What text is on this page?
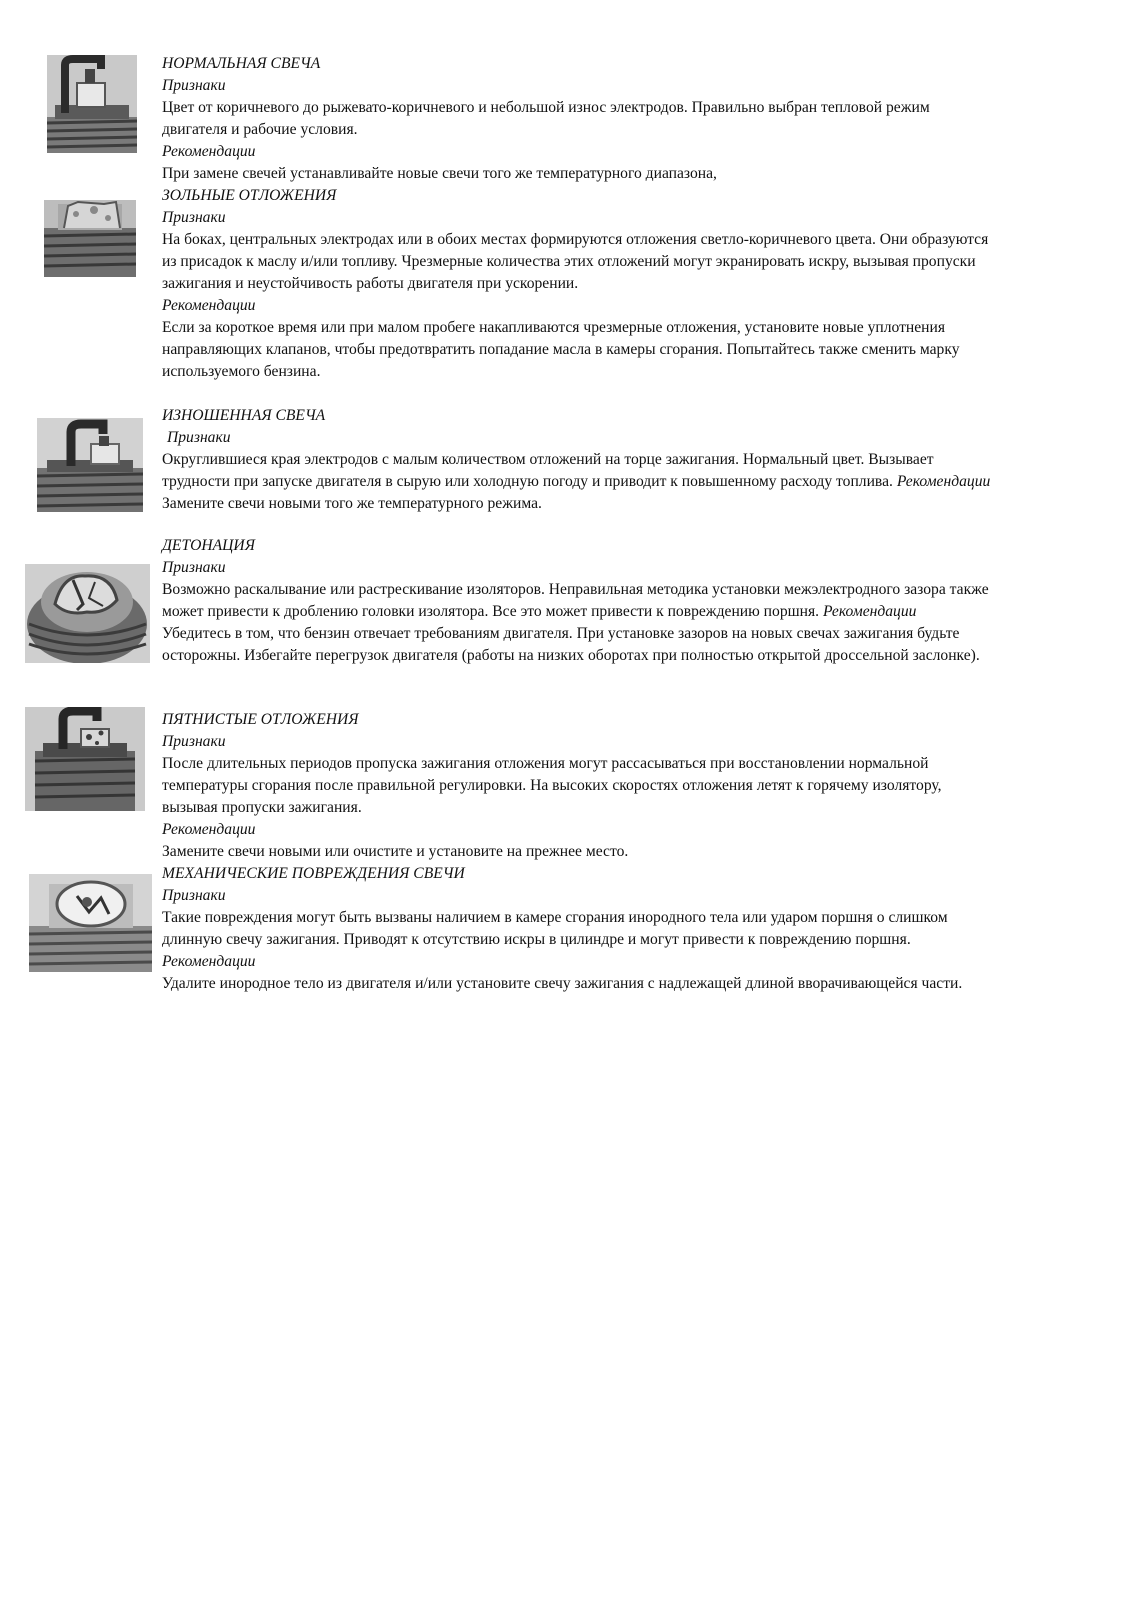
НОРМАЛЬНАЯ СВЕЧА
Признаки

Цвет от коричневого до рыжевато-коричневого и небольшой износ электродов. Правильно выбран тепловой режим двигателя и рабочие условия.

Рекомендации

При замене свечей устанавливайте новые свечи того же температурного диапазона,

ЗОЛЬНЫЕ ОТЛОЖЕНИЯ
Признаки

На боках, центральных электродах или в обоих местах формируются отложения светло-коричневого цвета. Они образуются из присадок к маслу и/или топливу. Чрезмерные количества этих отложений могут экранировать искру, вызывая пропуски зажигания и неустойчивость работы двигателя при ускорении.

Рекомендации

Если за короткое время или при малом пробеге накапливаются чрезмерные отложения, установите новые уплотнения направляющих клапанов, чтобы предотвратить попадание масла в камеры сгорания. Попытайтесь также сменить марку используемого бензина.

ИЗНОШЕННАЯ СВЕЧА
Признаки

Округлившиеся края электродов с малым количеством отложений на торце зажигания. Нормальный цвет. Вызывает трудности при запуске двигателя в сырую или холодную погоду и приводит к повышенному расходу топлива. Рекомендации

Замените свечи новыми того же температурного режима.

ДЕТОНАЦИЯ
Признаки

Возможно раскалывание или растрескивание изоляторов. Неправильная методика установки межэлектродного зазора также может привести к дроблению головки изолятора. Все это может привести к повреждению поршня. Рекомендации

Убедитесь в том, что бензин отвечает требованиям двигателя. При установке зазоров на новых свечах зажигания будьте осторожны. Избегайте перегрузок двигателя (работы на низких оборотах при полностью открытой дроссельной заслонке).

ПЯТНИСТЫЕ ОТЛОЖЕНИЯ
Признаки

После длительных периодов пропуска зажигания отложения могут рассасываться при восстановлении нормальной температуры сгорания после правильной регулировки. На высоких скоростях отложения летят к горячему изолятору, вызывая пропуски зажигания.

Рекомендации

Замените свечи новыми или очистите и установите на прежнее место.

МЕХАНИЧЕСКИЕ ПОВРЕЖДЕНИЯ СВЕЧИ
Признаки

Такие повреждения могут быть вызваны наличием в камере сгорания инородного тела или ударом поршня о слишком длинную свечу зажигания. Приводят к отсутствию искры в цилиндре и могут привести к повреждению поршня. Рекомендации

Удалите инородное тело из двигателя и/или установите свечу зажигания с надлежащей длиной вворачивающейся части.
